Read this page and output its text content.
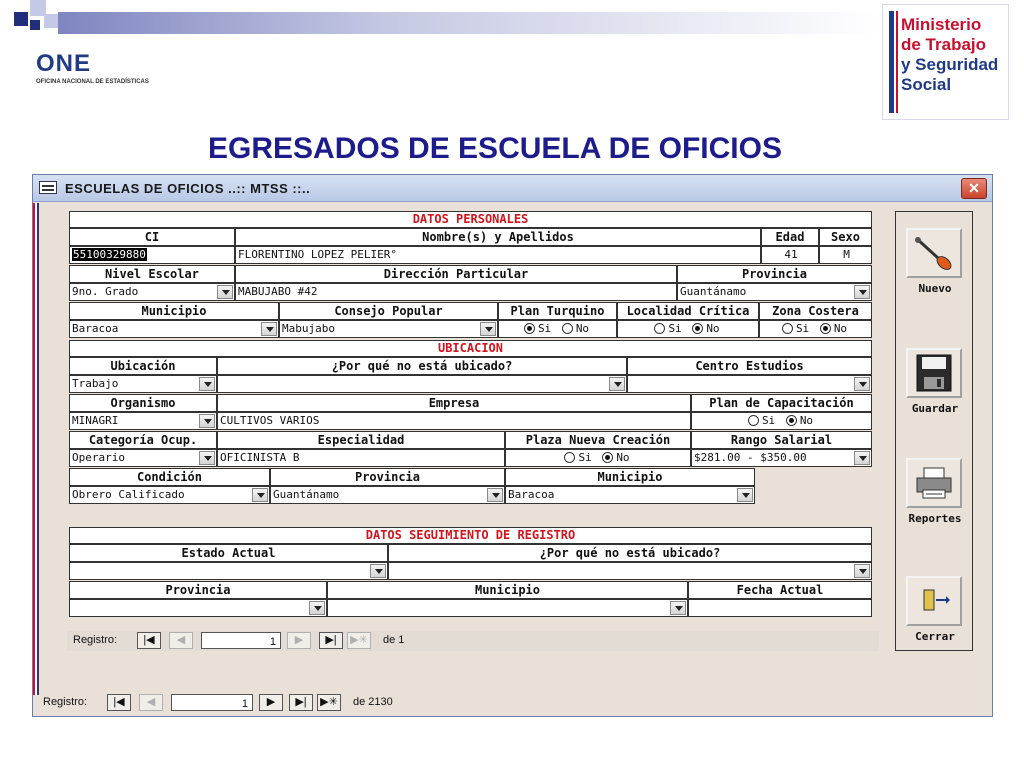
ONE
OFICINA NACIONAL DE ESTADÍSTICAS
Ministerio
de Trabajo
y Seguridad
Social
EGRESADOS DE ESCUELA DE OFICIOS
ESCUELAS DE OFICIOS ..:: MTSS ::..	✕
DATOS PERSONALES
CI	Nombre(s) y Apellidos	Edad	Sexo
55100329880	FLORENTINO LOPEZ PELIER°	41	M
Nivel Escolar	Dirección Particular	Provincia
9no. Grado	MABUJABO #42	Guantánamo
Municipio	Consejo Popular	Plan Turquino	Localidad Crítica	Zona Costera
Baracoa	Mabujabo	Si No	Si No	Si No
UBICACION
Ubicación	¿Por qué no está ubicado?	Centro Estudios
Trabajo
Organismo	Empresa	Plan de Capacitación
MINAGRI	CULTIVOS VARIOS	Si No
Categoría Ocup.	Especialidad	Plaza Nueva Creación	Rango Salarial
Operario	OFICINISTA B	Si No	$281.00 - $350.00
Condición	Provincia	Municipio
Obrero Calificado	Guantánamo	Baracoa
DATOS SEGUIMIENTO DE REGISTRO
Estado Actual	¿Por qué no está ubicado?
Provincia	Municipio	Fecha Actual
Registro:	|◀	◀	1	▶	▶|	▶✳ de 1
Nuevo
Guardar
Reportes
Cerrar
Registro:	|◀	◀	1	▶	▶|	▶✳ de 2130
